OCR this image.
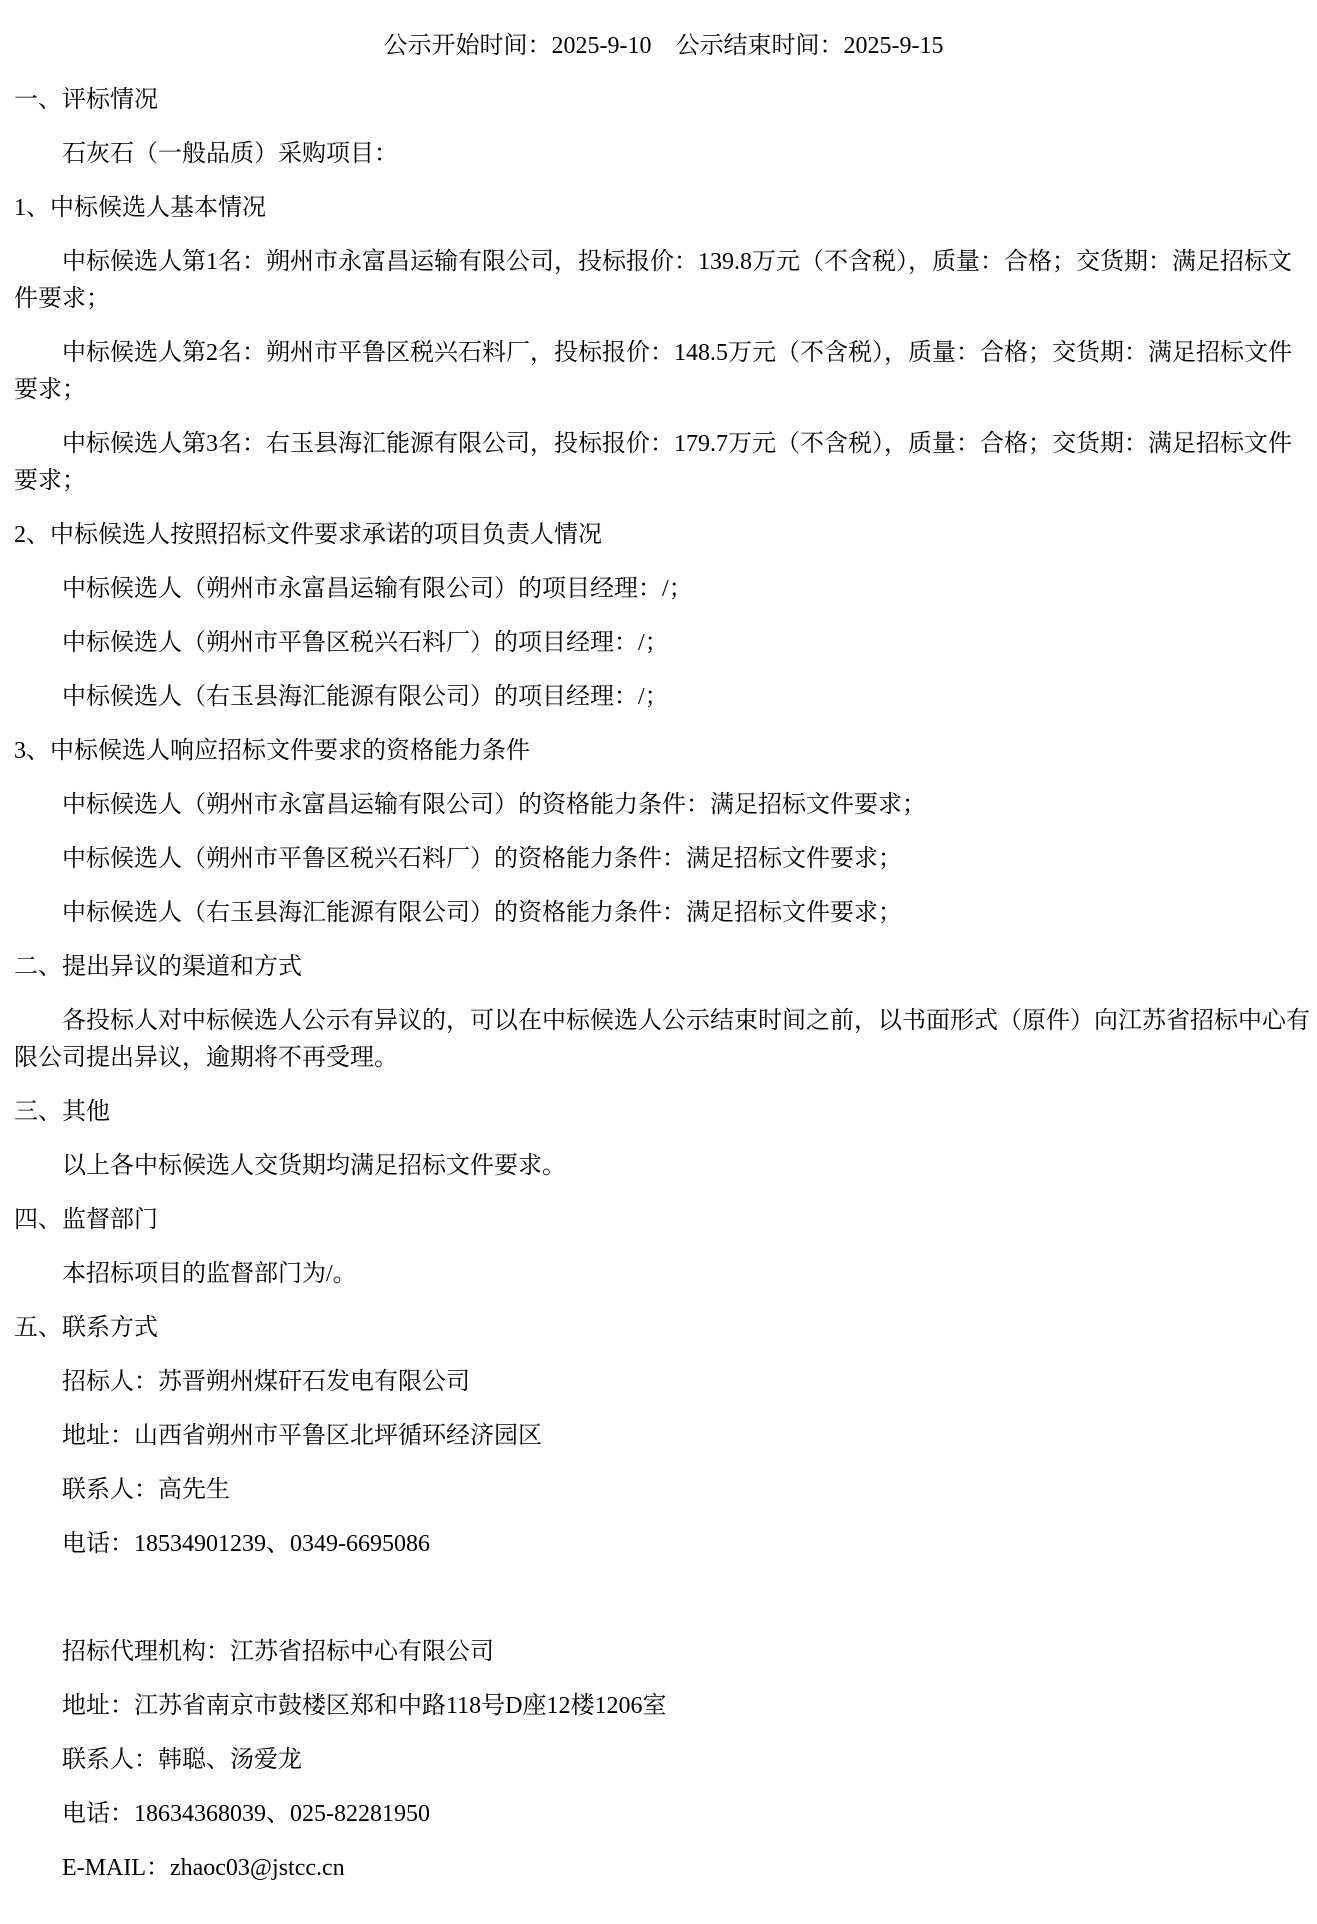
公示开始时间：2025-9-10　公示结束时间：2025-9-15

一、评标情况

石灰石（一般品质）采购项目：

1、中标候选人基本情况

中标候选人第1名：朔州市永富昌运输有限公司，投标报价：139.8万元（不含税），质量：合格；交货期：满足招标文件要求；

中标候选人第2名：朔州市平鲁区税兴石料厂，投标报价：148.5万元（不含税），质量：合格；交货期：满足招标文件要求；

中标候选人第3名：右玉县海汇能源有限公司，投标报价：179.7万元（不含税），质量：合格；交货期：满足招标文件要求；

2、中标候选人按照招标文件要求承诺的项目负责人情况

中标候选人（朔州市永富昌运输有限公司）的项目经理：/；

中标候选人（朔州市平鲁区税兴石料厂）的项目经理：/；

中标候选人（右玉县海汇能源有限公司）的项目经理：/；

3、中标候选人响应招标文件要求的资格能力条件

中标候选人（朔州市永富昌运输有限公司）的资格能力条件：满足招标文件要求；

中标候选人（朔州市平鲁区税兴石料厂）的资格能力条件：满足招标文件要求；

中标候选人（右玉县海汇能源有限公司）的资格能力条件：满足招标文件要求；

二、提出异议的渠道和方式

各投标人对中标候选人公示有异议的，可以在中标候选人公示结束时间之前，以书面形式（原件）向江苏省招标中心有限公司提出异议，逾期将不再受理。

三、其他

以上各中标候选人交货期均满足招标文件要求。

四、监督部门

本招标项目的监督部门为/。

五、联系方式

招标人：苏晋朔州煤矸石发电有限公司

地址：山西省朔州市平鲁区北坪循环经济园区

联系人：高先生

电话：18534901239、0349-6695086

招标代理机构：江苏省招标中心有限公司

地址：江苏省南京市鼓楼区郑和中路118号D座12楼1206室

联系人：韩聪、汤爱龙

电话：18634368039、025-82281950

E-MAIL：zhaoc03@jstcc.cn
